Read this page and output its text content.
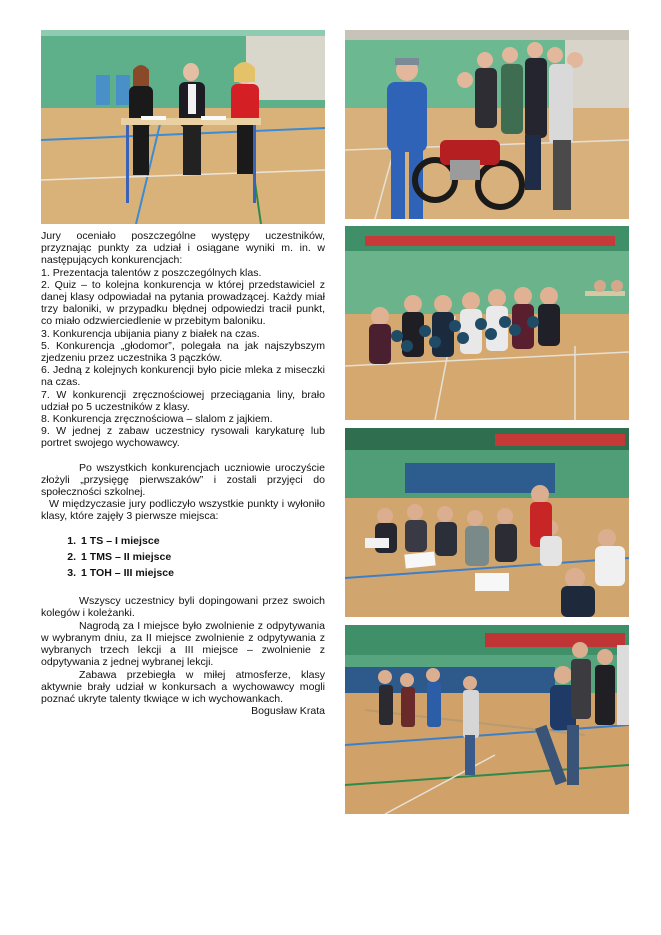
Jury oceniało poszczególne występy uczestników, przyznając punkty za udział i osiągane wyniki m. in. w następujących konkurencjach:

1. Prezentacja talentów z poszczególnych klas.

2. Quiz – to kolejna konkurencja w której przedstawiciel z danej klasy odpowiadał na pytania prowadzącej. Każdy miał trzy baloniki, w przypadku błędnej odpowiedzi tracił punkt, co miało odzwierciedlenie w przebitym baloniku.

3. Konkurencja ubijania piany z białek na czas.

5. Konkurencja „głodomor”, polegała na jak najszybszym zjedzeniu przez uczestnika 3 pączków.

6. Jedną z kolejnych konkurencji było picie mleka z miseczki na czas.

7. W konkurencji zręcznościowej przeciągania liny, brało udział po 5 uczestników z klasy.

8. Konkurencja zręcznościowa – slalom z jajkiem.

9. W jednej z zabaw uczestnicy rysowali karykaturę lub portret swojego wychowawcy.

Po wszystkich konkurencjach uczniowie uroczyście złożyli „przysięgę pierwszaków” i zostali przyjęci do społeczności szkolnej.

W międzyczasie jury podliczyło wszystkie punkty i wyłoniło klasy, które zajęły 3 pierwsze miejsca:

1. 1 TS – I miejsce
2. 1 TMS – II miejsce
3. 1 TOH – III miejsce

Wszyscy uczestnicy byli dopingowani przez swoich kolegów i koleżanki.

Nagrodą za I miejsce było zwolnienie z odpytywania w wybranym dniu, za II miejsce zwolnienie z odpytywania z wybranych trzech lekcji a III miejsce – zwolnienie z odpytywania z jednej wybranej lekcji.

Zabawa przebiegła w miłej atmosferze, klasy aktywnie brały udział w konkursach a wychowawcy mogli poznać ukryte talenty tkwiące w ich wychowankach.

Bogusław Krata
